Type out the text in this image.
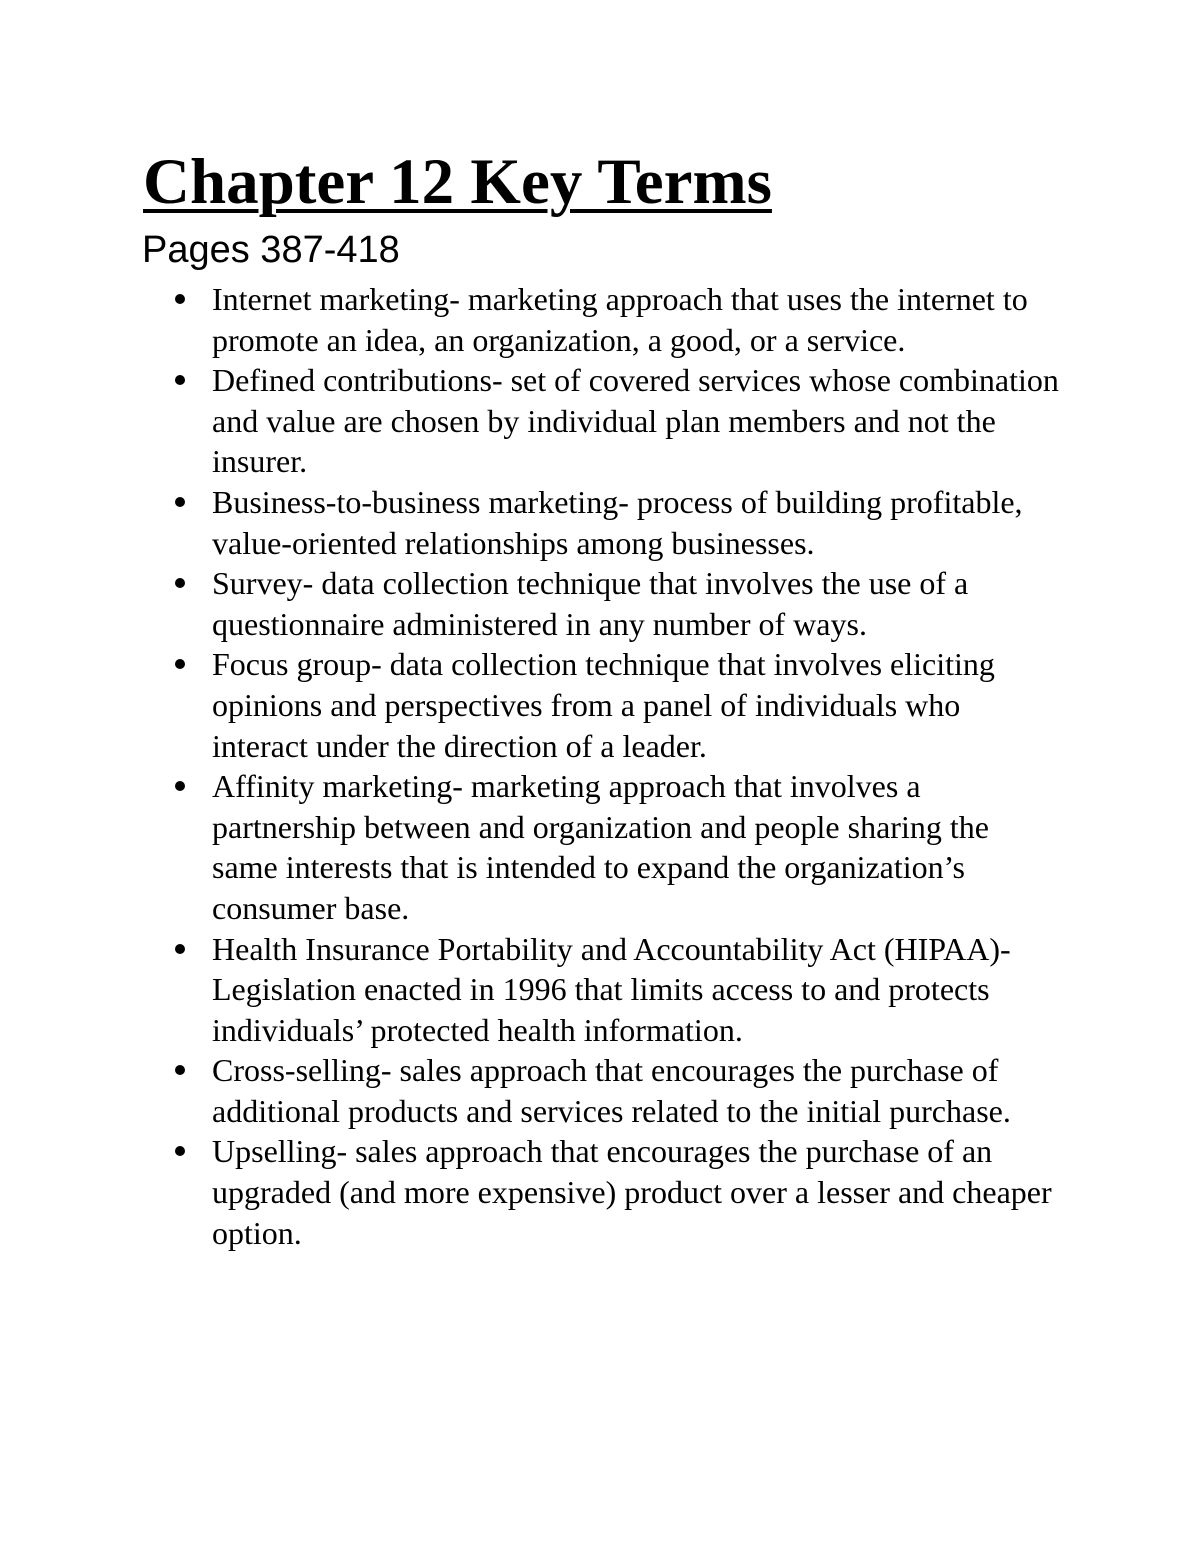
Chapter 12 Key Terms
Pages 387-418
Internet marketing- marketing approach that uses the internet to promote an idea, an organization, a good, or a service.
Defined contributions- set of covered services whose combination and value are chosen by individual plan members and not the insurer.
Business-to-business marketing- process of building profitable, value-oriented relationships among businesses.
Survey- data collection technique that involves the use of a questionnaire administered in any number of ways.
Focus group- data collection technique that involves eliciting opinions and perspectives from a panel of individuals who interact under the direction of a leader.
Affinity marketing- marketing approach that involves a partnership between and organization and people sharing the same interests that is intended to expand the organization’s consumer base.
Health Insurance Portability and Accountability Act (HIPAA)- Legislation enacted in 1996 that limits access to and protects individuals’ protected health information.
Cross-selling- sales approach that encourages the purchase of additional products and services related to the initial purchase.
Upselling- sales approach that encourages the purchase of an upgraded (and more expensive) product over a lesser and cheaper option.
